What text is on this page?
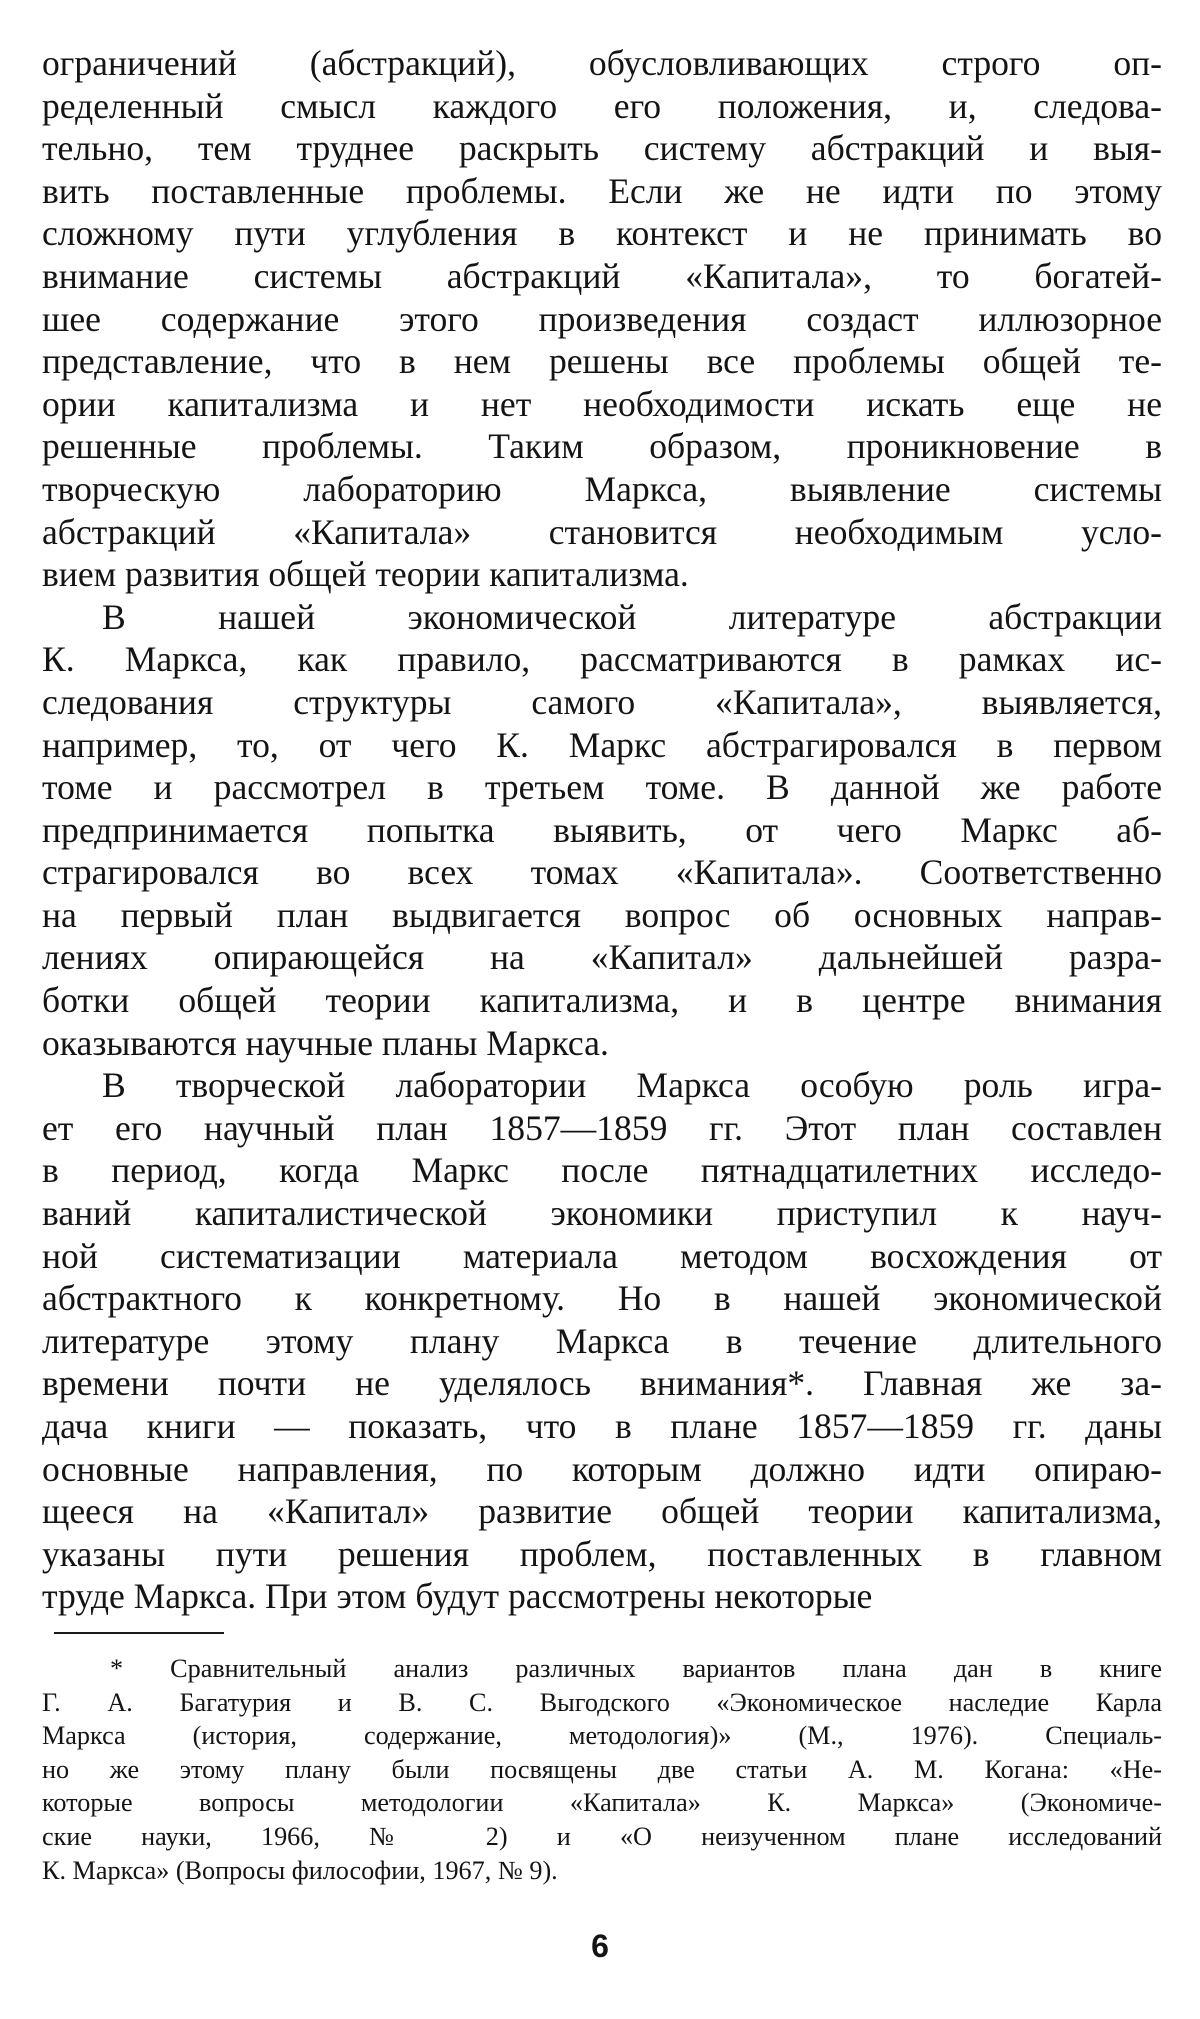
ограничений (абстракций), обусловливающих строго оп-
ределенный смысл каждого его положения, и, следова-
тельно, тем труднее раскрыть систему абстракций и выя-
вить поставленные проблемы. Если же не идти по этому
сложному пути углубления в контекст и не принимать во
внимание системы абстракций «Капитала», то богатей-
шее содержание этого произведения создаст иллюзорное
представление, что в нем решены все проблемы общей те-
ории капитализма и нет необходимости искать еще не
решенные проблемы. Таким образом, проникновение в
творческую лабораторию Маркса, выявление системы
абстракций «Капитала» становится необходимым усло-
вием развития общей теории капитализма.
В нашей экономической литературе абстракции
К. Маркса, как правило, рассматриваются в рамках ис-
следования структуры самого «Капитала», выявляется,
например, то, от чего К. Маркс абстрагировался в первом
томе и рассмотрел в третьем томе. В данной же работе
предпринимается попытка выявить, от чего Маркс аб-
страгировался во всех томах «Капитала». Соответственно
на первый план выдвигается вопрос об основных направ-
лениях опирающейся на «Капитал» дальнейшей разра-
ботки общей теории капитализма, и в центре внимания
оказываются научные планы Маркса.
В творческой лаборатории Маркса особую роль игра-
ет его научный план 1857—1859 гг. Этот план составлен
в период, когда Маркс после пятнадцатилетних исследо-
ваний капиталистической экономики приступил к науч-
ной систематизации материала методом восхождения от
абстрактного к конкретному. Но в нашей экономической
литературе этому плану Маркса в течение длительного
времени почти не уделялось внимания*. Главная же за-
дача книги — показать, что в плане 1857—1859 гг. даны
основные направления, по которым должно идти опираю-
щееся на «Капитал» развитие общей теории капитализма,
указаны пути решения проблем, поставленных в главном
труде Маркса. При этом будут рассмотрены некоторые
* Сравнительный анализ различных вариантов плана дан в книге
Г. А. Багатурия и В. С. Выгодского «Экономическое наследие Карла
Маркса (история, содержание, методология)» (М., 1976). Специаль-
но же этому плану были посвящены две статьи А. М. Когана: «Не-
которые вопросы методологии «Капитала» К. Маркса» (Экономиче-
ские науки, 1966, № 2) и «О неизученном плане исследований
К. Маркса» (Вопросы философии, 1967, № 9).
6
